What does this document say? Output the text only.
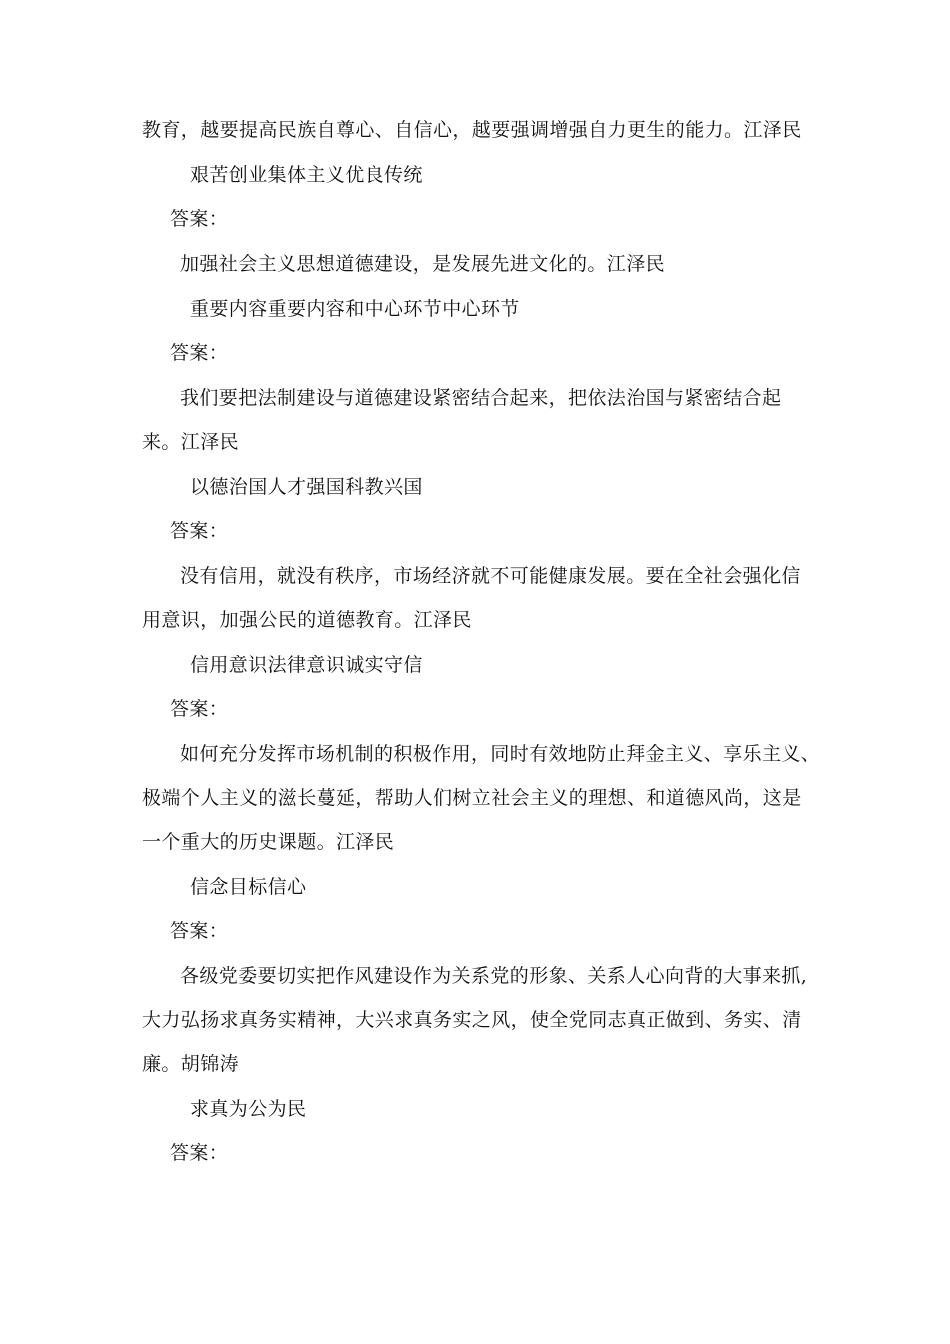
教育，越要提高民族自尊心、自信心，越要强调增强自力更生的能力。江泽民
艰苦创业集体主义优良传统
答案：
加强社会主义思想道德建设，是发展先进文化的。江泽民
重要内容重要内容和中心环节中心环节
答案：
我们要把法制建设与道德建设紧密结合起来，把依法治国与紧密结合起
来。江泽民
以德治国人才强国科教兴国
答案：
没有信用，就没有秩序，市场经济就不可能健康发展。要在全社会强化信
用意识，加强公民的道德教育。江泽民
信用意识法律意识诚实守信
答案：
如何充分发挥市场机制的积极作用，同时有效地防止拜金主义、享乐主义、
极端个人主义的滋长蔓延，帮助人们树立社会主义的理想、和道德风尚，这是
一个重大的历史课题。江泽民
信念目标信心
答案：
各级党委要切实把作风建设作为关系党的形象、关系人心向背的大事来抓,
大力弘扬求真务实精神，大兴求真务实之风，使全党同志真正做到、务实、清
廉。胡锦涛
求真为公为民
答案：
